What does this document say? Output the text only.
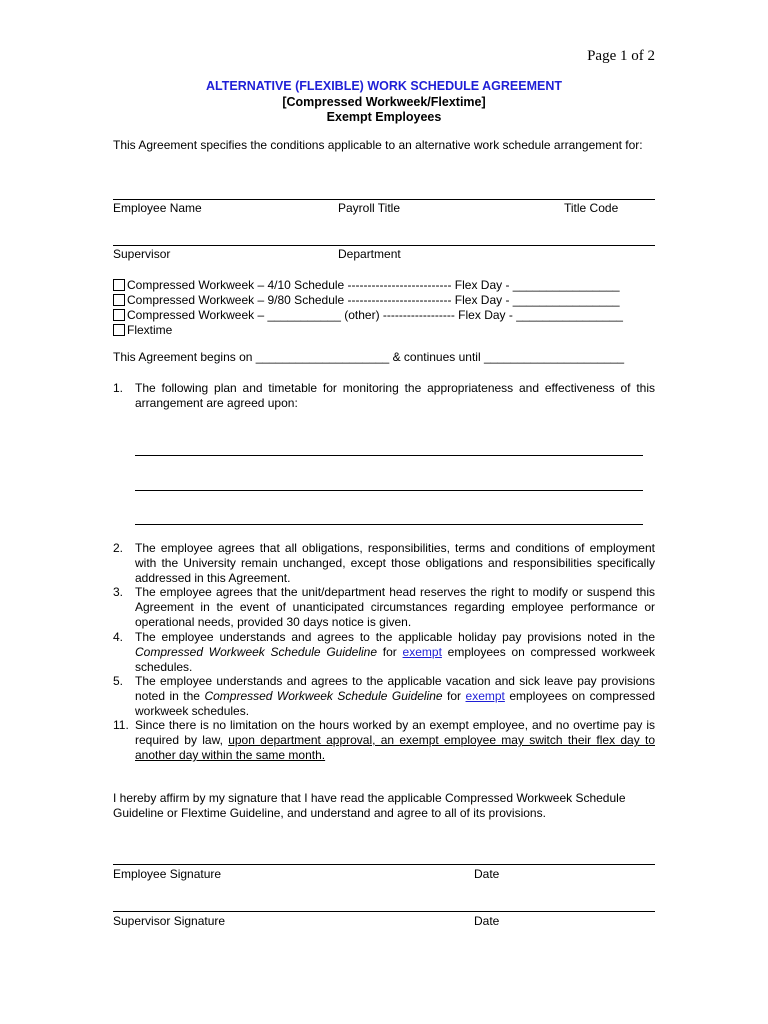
Page 1 of 2
ALTERNATIVE (FLEXIBLE) WORK SCHEDULE AGREEMENT
[Compressed Workweek/Flextime]
Exempt Employees
This Agreement specifies the conditions applicable to an alternative work schedule arrangement for:
Employee Name	Payroll Title	Title Code
Supervisor	Department
Compressed Workweek – 4/10 Schedule -------------------------- Flex Day - ________________
Compressed Workweek – 9/80 Schedule -------------------------- Flex Day - ________________
Compressed Workweek – ___________ (other) ------------------ Flex Day - ________________
Flextime
This Agreement begins on ____________________ & continues until _____________________
1. The following plan and timetable for monitoring the appropriateness and effectiveness of this arrangement are agreed upon:
2. The employee agrees that all obligations, responsibilities, terms and conditions of employment with the University remain unchanged, except those obligations and responsibilities specifically addressed in this Agreement.
3. The employee agrees that the unit/department head reserves the right to modify or suspend this Agreement in the event of unanticipated circumstances regarding employee performance or operational needs, provided 30 days notice is given.
4. The employee understands and agrees to the applicable holiday pay provisions noted in the Compressed Workweek Schedule Guideline for exempt employees on compressed workweek schedules.
5. The employee understands and agrees to the applicable vacation and sick leave pay provisions noted in the Compressed Workweek Schedule Guideline for exempt employees on compressed workweek schedules.
11. Since there is no limitation on the hours worked by an exempt employee, and no overtime pay is required by law, upon department approval, an exempt employee may switch their flex day to another day within the same month.
I hereby affirm by my signature that I have read the applicable Compressed Workweek Schedule Guideline or Flextime Guideline, and understand and agree to all of its provisions.
Employee Signature	Date
Supervisor Signature	Date
